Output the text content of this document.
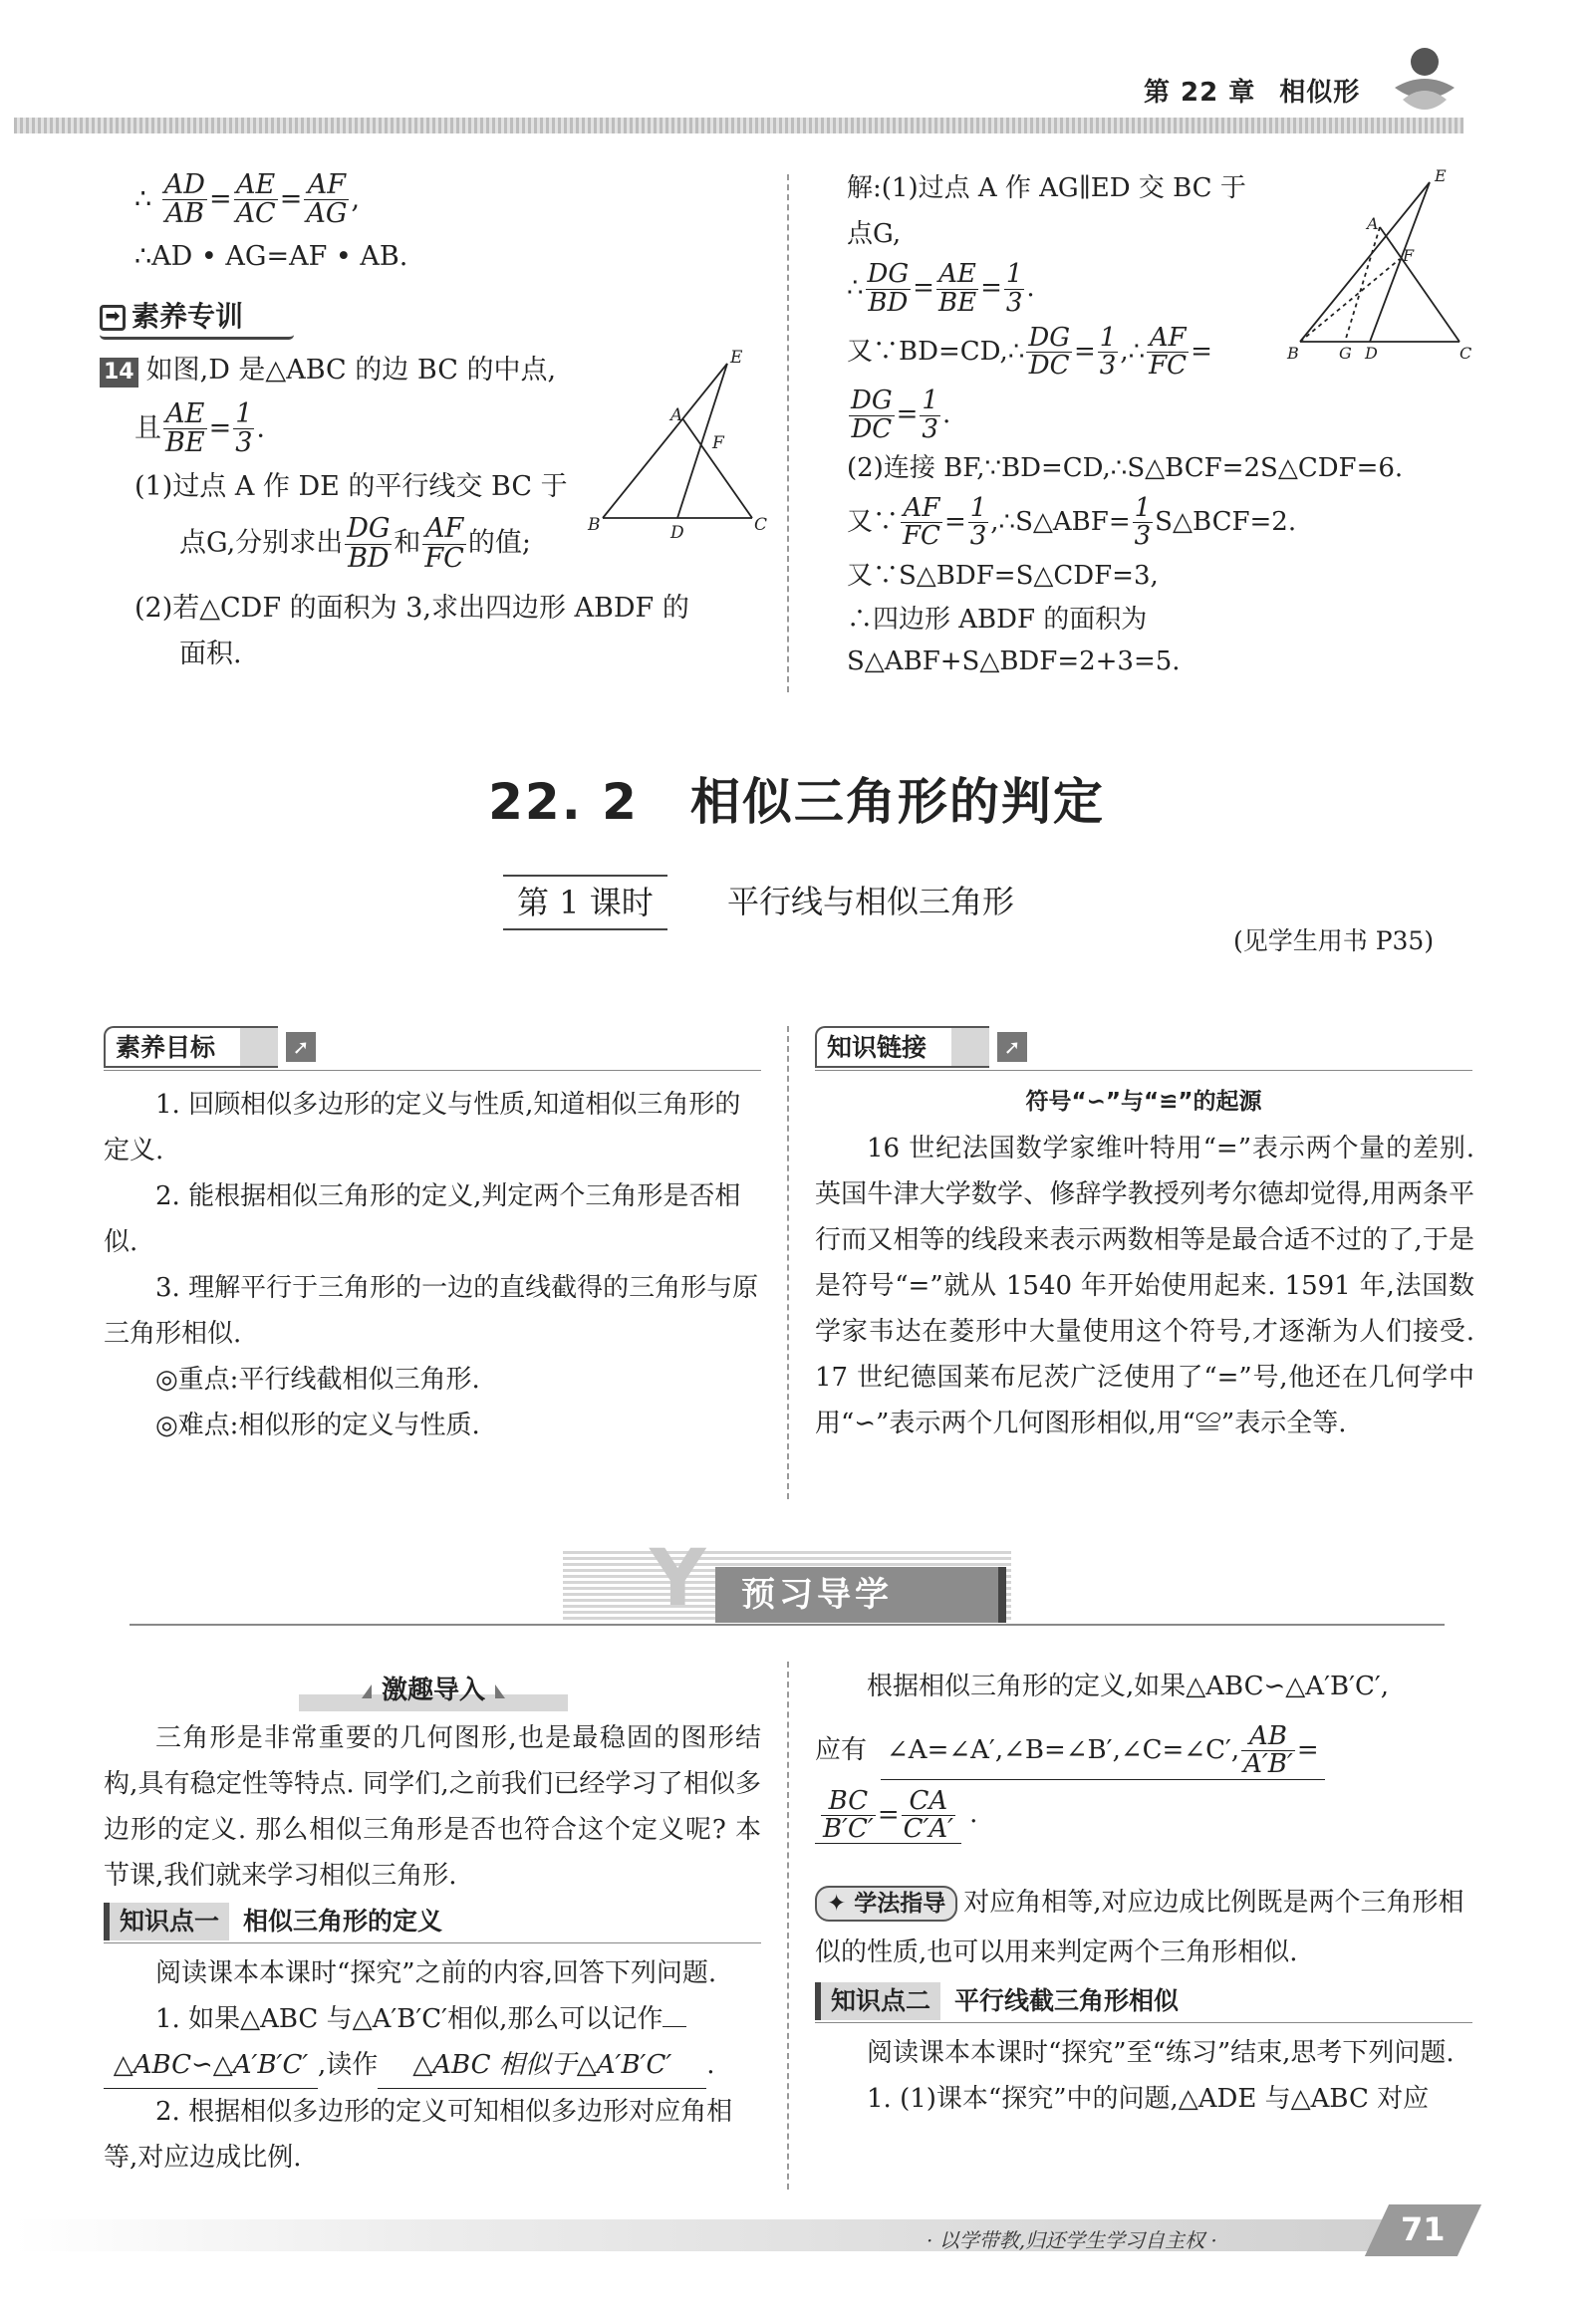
第 22 章 相似形
∴ $\frac{AD}{AB} = \frac{AE}{AC} = \frac{AF}{AG}$ ,
∴AD • AG=AF • AB.
➡ 素养专训
14 如图,D 是△ABC 的边 BC 的中点,
且 $\frac{AE}{BE} = \frac{1}{3}$ .
(1)过点 A 作 DE 的平行线交 BC 于
点G,分别求出 $\frac{DG}{BD}$ 和 $\frac{AF}{FC}$ 的值;
(2)若△CDF 的面积为 3,求出四边形 ABDF 的
面积.
E
A
F
B	D	C
解:(1)过点 A 作 AG∥ED 交 BC 于
点G,
∴ $\frac{DG}{BD} = \frac{AE}{BE} = \frac{1}{3}$ .
又∵BD=CD,∴ $\frac{DG}{DC} = \frac{1}{3}$ ,∴ $\frac{AF}{FC}$ =
$\frac{DG}{DC} = \frac{1}{3}$ .
(2)连接 BF,∵BD=CD,∴S△BCF=2S△CDF=6.
又∵ $\frac{AF}{FC} = \frac{1}{3}$ ,∴S△ABF= $\frac{1}{3}$ S△BCF=2.
又∵S△BDF=S△CDF=3,
∴四边形 ABDF 的面积为 S△ABF+S△BDF=2+3=5.
E
A
F
B	G D	C
22. 2　相似三角形的判定
第 1 课时	平行线与相似三角形
(见学生用书 P35)
素养目标	➚

1. 回顾相似多边形的定义与性质,知道相似三角形的定义.

2. 能根据相似三角形的定义,判定两个三角形是否相似.

3. 理解平行于三角形的一边的直线截得的三角形与原三角形相似.

◎重点:平行线截相似三角形.

◎难点:相似形的定义与性质.

知识链接	➚
符号“∽”与“≌”的起源

16 世纪法国数学家维叶特用“=”表示两个量的差别. 英国牛津大学数学、修辞学教授列考尔德却觉得,用两条平行而又相等的线段来表示两数相等是最合适不过的了,于是是符号“=”就从 1540 年开始使用起来. 1591 年,法国数学家韦达在菱形中大量使用这个符号,才逐渐为人们接受. 17 世纪德国莱布尼茨广泛使用了“=”号,他还在几何学中用“∽”表示两个几何图形相似,用“≌”表示全等.

Y	预习导学
激趣导入

三角形是非常重要的几何图形,也是最稳固的图形结构,具有稳定性等特点. 同学们,之前我们已经学习了相似多边形的定义. 那么相似三角形是否也符合这个定义呢? 本节课,我们就来学习相似三角形.

知识点一 相似三角形的定义

阅读课本本课时“探究”之前的内容,回答下列问题.

1. 如果△ABC 与△A′B′C′相似,那么可以记作

△ABC∽△A′B′C′ ,读作 △ABC 相似于△A′B′C′ .

2. 根据相似多边形的定义可知相似多边形对应角相等,对应边成比例.

根据相似三角形的定义,如果△ABC∽△A′B′C′,

应有 ∠A=∠A′,∠B=∠B′,∠C=∠C′, $\frac{AB}{A'B'}$ =

$\frac{BC}{B'C'} = \frac{CA}{C'A'}$ .

✦ 学法指导 对应角相等,对应边成比例既是两个三角形相似的性质,也可以用来判定两个三角形相似.
知识点二 平行线截三角形相似

阅读课本本课时“探究”至“练习”结束,思考下列问题.

1. (1)课本“探究”中的问题,△ADE 与△ABC 对应

· 以学带教,归还学生学习自主权 ·	71
